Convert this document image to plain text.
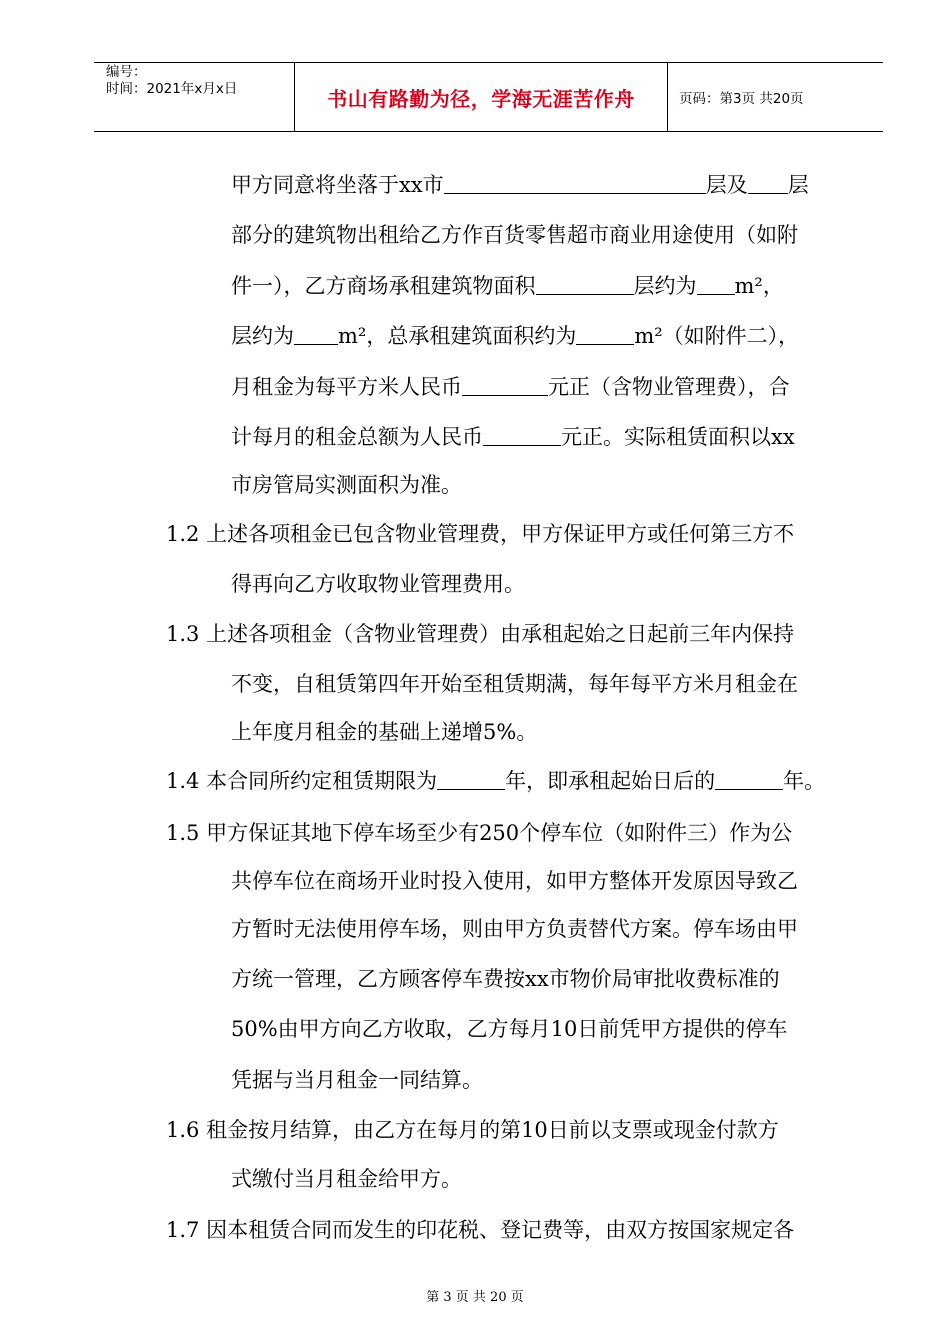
编号：
时间：2021年x月x日	书山有路勤为径，学海无涯苦作舟	页码：第3页 共20页
甲方同意将坐落于xx市	层及 层
部分的建筑物出租给乙方作百货零售超市商业用途使用（如附
件一），乙方商场承租建筑物面积	层约为 m²，
层约为 m²，总承租建筑面积约为	m²（如附件二），
月租金为每平方米人民币	元正（含物业管理费），合
计每月的租金总额为人民币	元正。实际租赁面积以xx
市房管局实测面积为准。
1.2 上述各项租金已包含物业管理费，甲方保证甲方或任何第三方不
得再向乙方收取物业管理费用。
1.3 上述各项租金（含物业管理费）由承租起始之日起前三年内保持
不变，自租赁第四年开始至租赁期满，每年每平方米月租金在
上年度月租金的基础上递增5%。
1.4 本合同所约定租赁期限为	年，即承租起始日后的	年。
1.5 甲方保证其地下停车场至少有250个停车位（如附件三）作为公
共停车位在商场开业时投入使用，如甲方整体开发原因导致乙
方暂时无法使用停车场，则由甲方负责替代方案。停车场由甲
方统一管理，乙方顾客停车费按xx市物价局审批收费标准的
50%由甲方向乙方收取，乙方每月10日前凭甲方提供的停车
凭据与当月租金一同结算。
1.6 租金按月结算，由乙方在每月的第10日前以支票或现金付款方
式缴付当月租金给甲方。
1.7 因本租赁合同而发生的印花税、登记费等，由双方按国家规定各
第 3 页 共 20 页
